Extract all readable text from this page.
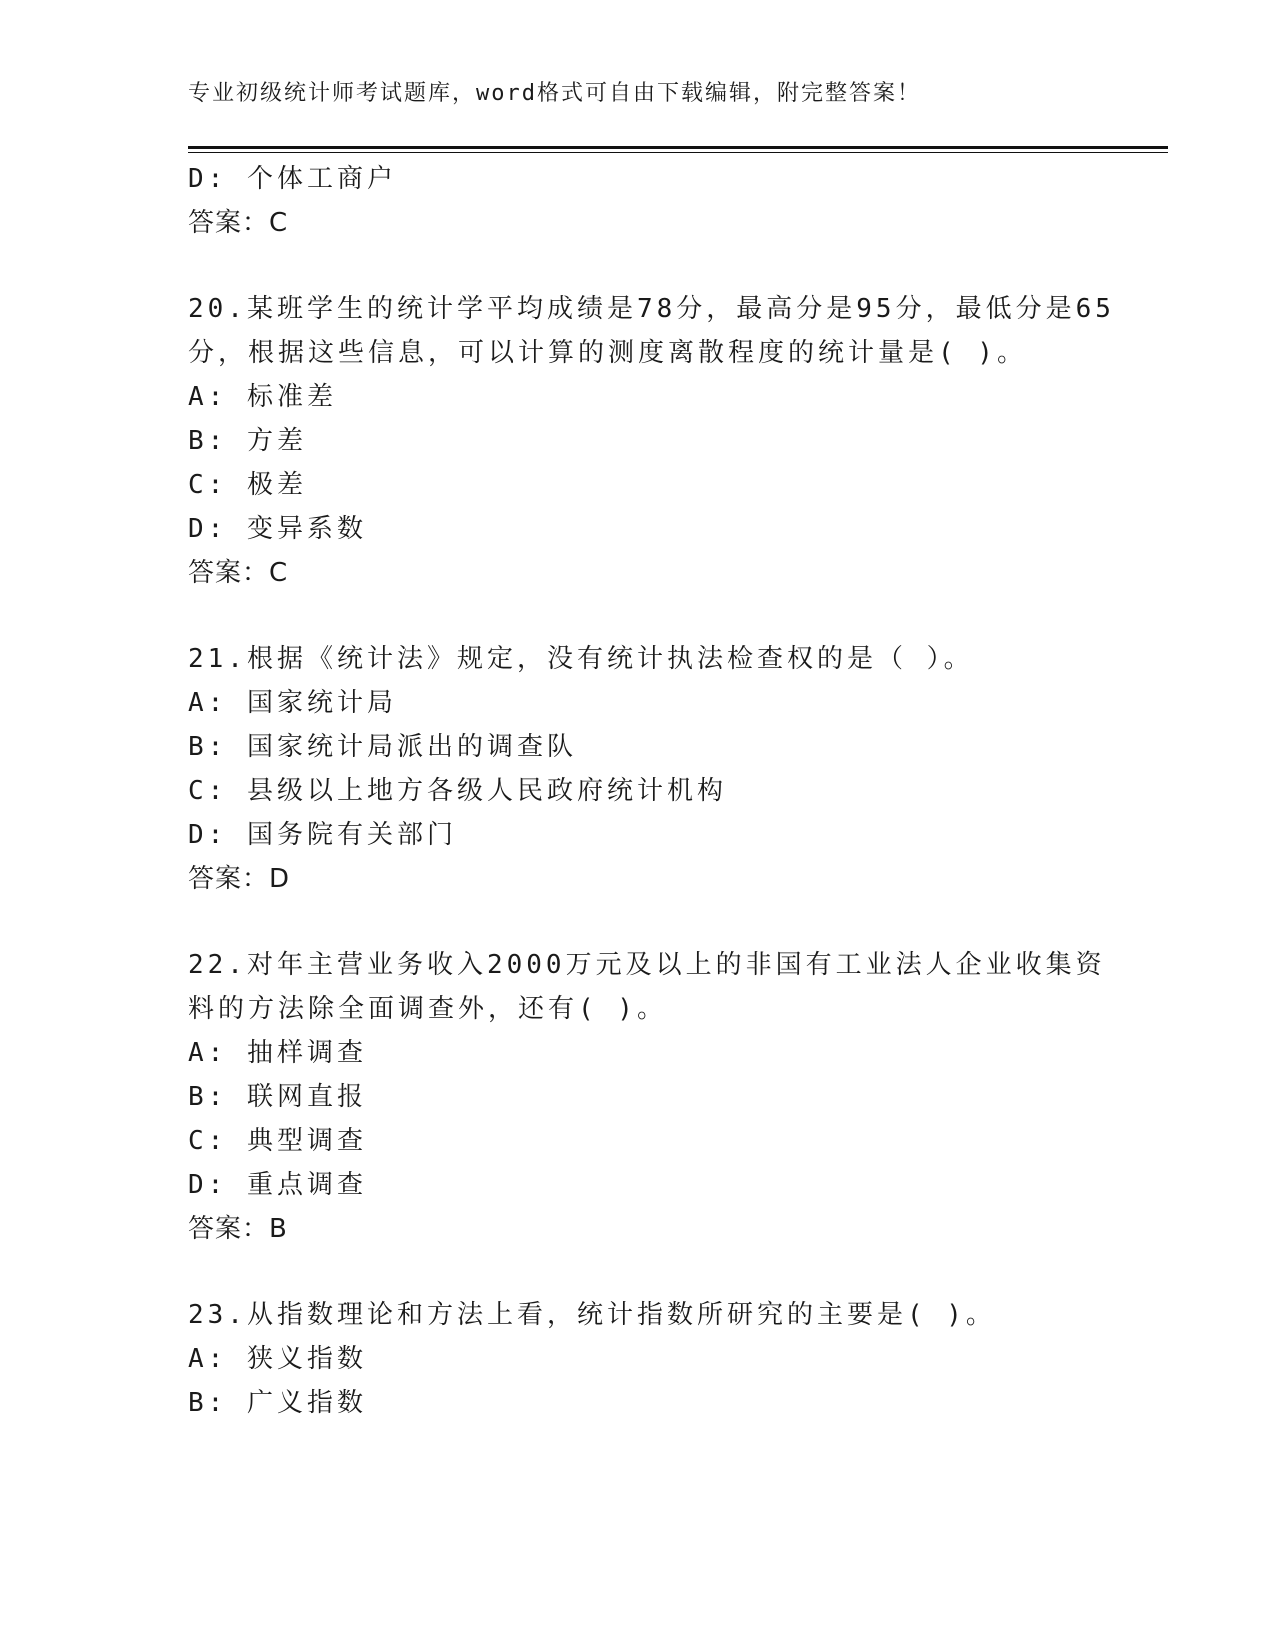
专业初级统计师考试题库，word格式可自由下载编辑，附完整答案！
D: 个体工商户
答案：C
20.某班学生的统计学平均成绩是78分，最高分是95分，最低分是65
分，根据这些信息，可以计算的测度离散程度的统计量是( )。
A: 标准差
B: 方差
C: 极差
D: 变异系数
答案：C
21.根据《统计法》规定，没有统计执法检查权的是（ ）。
A: 国家统计局
B: 国家统计局派出的调查队
C: 县级以上地方各级人民政府统计机构
D: 国务院有关部门
答案：D
22.对年主营业务收入2000万元及以上的非国有工业法人企业收集资
料的方法除全面调查外，还有( )。
A: 抽样调查
B: 联网直报
C: 典型调查
D: 重点调查
答案：B
23.从指数理论和方法上看，统计指数所研究的主要是( )。
A: 狭义指数
B: 广义指数
